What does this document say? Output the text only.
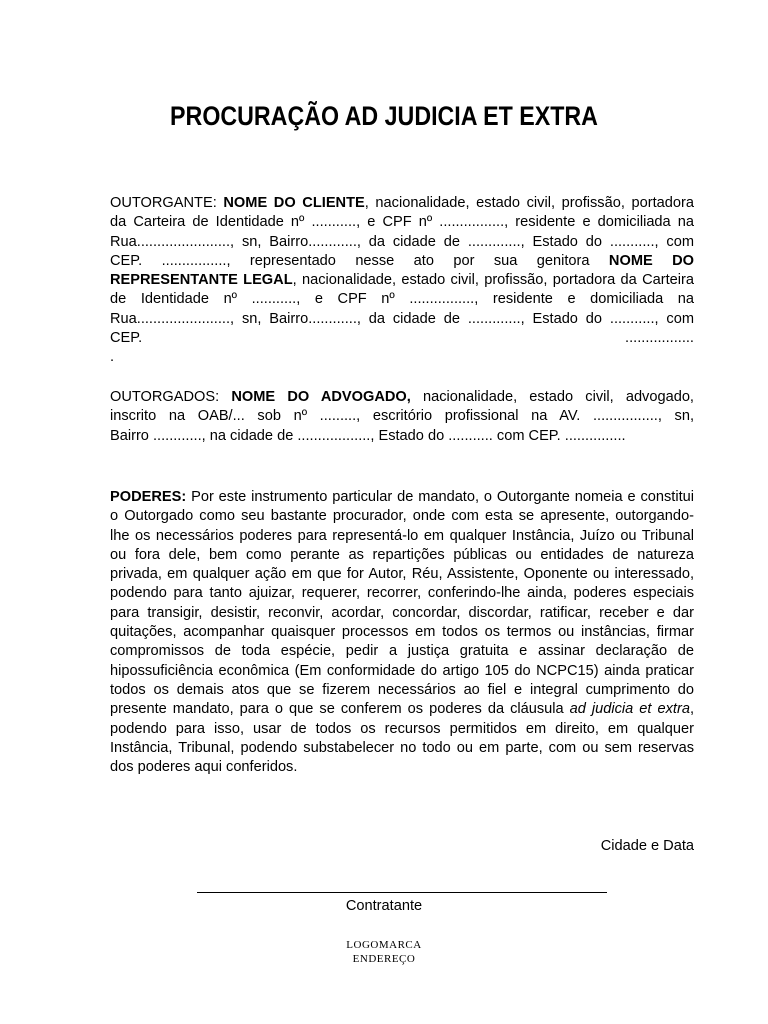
PROCURAÇÃO AD JUDICIA ET EXTRA
OUTORGANTE: NOME DO CLIENTE, nacionalidade, estado civil, profissão, portadora
da Carteira de Identidade nº ..........., e CPF nº ................, residente e domiciliada na
Rua......................., sn, Bairro............, da cidade de ............., Estado do ..........., com
CEP. ................, representado nesse ato por sua genitora NOME DO
REPRESENTANTE LEGAL, nacionalidade, estado civil, profissão, portadora da Carteira
de Identidade nº ..........., e CPF nº ................, residente e domiciliada na
Rua......................., sn, Bairro............, da cidade de ............., Estado do ..........., com
CEP. .................
.
OUTORGADOS: NOME DO ADVOGADO, nacionalidade, estado civil, advogado,
inscrito na OAB/... sob nº ........., escritório profissional na AV. ................, sn,
Bairro ............, na cidade de .................., Estado do ........... com CEP. ...............
PODERES: Por este instrumento particular de mandato, o Outorgante nomeia e constitui
o Outorgado como seu bastante procurador, onde com esta se apresente, outorgando-
lhe os necessários poderes para representá-lo em qualquer Instância, Juízo ou Tribunal
ou fora dele, bem como perante as repartições públicas ou entidades de natureza
privada, em qualquer ação em que for Autor, Réu, Assistente, Oponente ou interessado,
podendo para tanto ajuizar, requerer, recorrer, conferindo-lhe ainda, poderes especiais
para transigir, desistir, reconvir, acordar, concordar, discordar, ratificar, receber e dar
quitações, acompanhar quaisquer processos em todos os termos ou instâncias, firmar
compromissos de toda espécie, pedir a justiça gratuita e assinar declaração de
hipossuficiência econômica (Em conformidade do artigo 105 do NCPC15) ainda praticar
todos os demais atos que se fizerem necessários ao fiel e integral cumprimento do
presente mandato, para o que se conferem os poderes da cláusula ad judicia et extra,
podendo para isso, usar de todos os recursos permitidos em direito, em qualquer
Instância, Tribunal, podendo substabelecer no todo ou em parte, com ou sem reservas
dos poderes aqui conferidos.
Cidade e Data
Contratante
LOGOMARCA
ENDEREÇO
